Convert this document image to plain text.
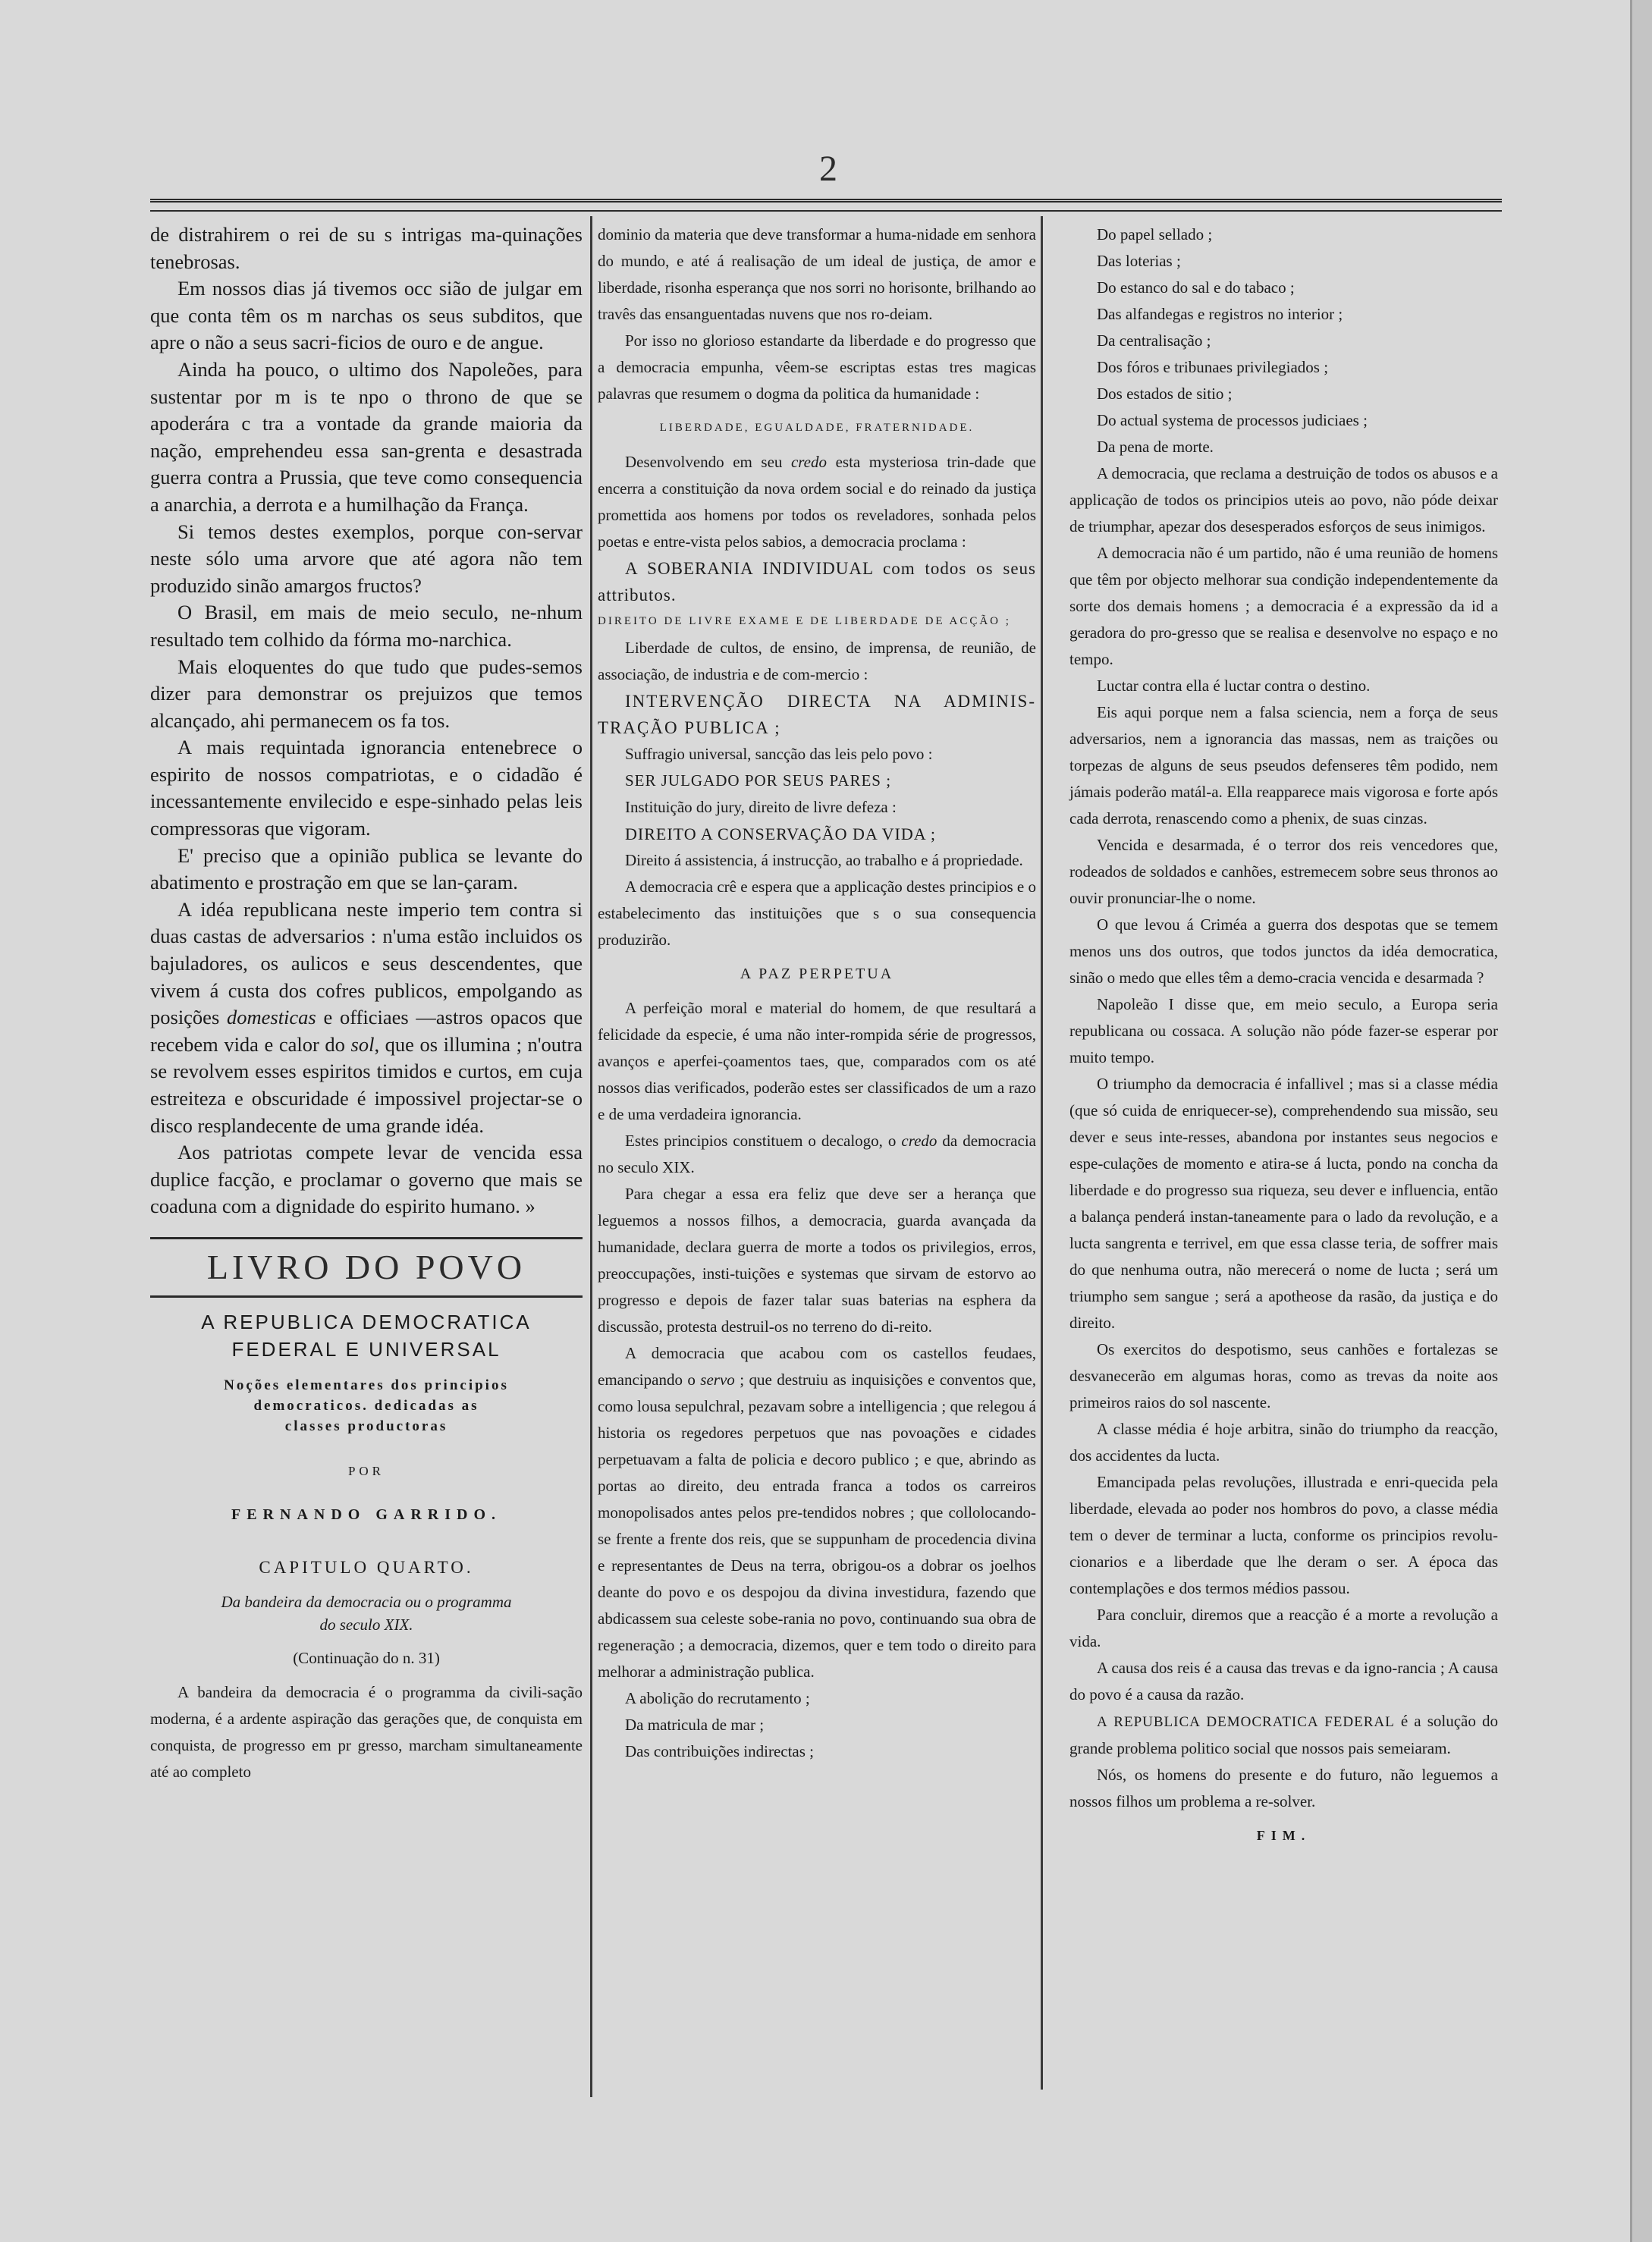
2

de distrahirem o rei de su s intrigas ma-quinações tenebrosas.

Em nossos dias já tivemos occ sião de julgar em que conta têm os m narchas os seus subditos, que apre o não a seus sacri-ficios de ouro e de angue.

Ainda ha pouco, o ultimo dos Napoleões, para sustentar por m is te npo o throno de que se apoderára c tra a vontade da grande maioria da nação, emprehendeu essa san-grenta e desastrada guerra contra a Prussia, que teve como consequencia a anarchia, a derrota e a humilhação da França.

Si temos destes exemplos, porque con-servar neste sólo uma arvore que até agora não tem produzido sinão amargos fructos?

O Brasil, em mais de meio seculo, ne-nhum resultado tem colhido da fórma mo-narchica.

Mais eloquentes do que tudo que pudes-semos dizer para demonstrar os prejuizos que temos alcançado, ahi permanecem os fa tos.

A mais requintada ignorancia entenebrece o espirito de nossos compatriotas, e o cidadão é incessantemente envilecido e espe-sinhado pelas leis compressoras que vigoram.

E' preciso que a opinião publica se levante do abatimento e prostração em que se lan-çaram.

A idéa republicana neste imperio tem contra si duas castas de adversarios : n'uma estão incluidos os bajuladores, os aulicos e seus descendentes, que vivem á custa dos cofres publicos, empolgando as posições domesticas e officiaes —astros opacos que recebem vida e calor do sol, que os illumina ; n'outra se revolvem esses espiritos timidos e curtos, em cuja estreiteza e obscuridade é impossivel projectar-se o disco resplandecente de uma grande idéa.

Aos patriotas compete levar de vencida essa duplice facção, e proclamar o governo que mais se coaduna com a dignidade do espirito humano. »

LIVRO DO POVO
A REPUBLICA DEMOCRATICA
FEDERAL E UNIVERSAL
Noções elementares dos principios
democraticos. dedicadas as
classes productoras
POR
FERNANDO GARRIDO.
CAPITULO QUARTO.
Da bandeira da democracia ou o programma
do seculo XIX.
(Continuação do n. 31)

A bandeira da democracia é o programma da civili-sação moderna, é a ardente aspiração das gerações que, de conquista em conquista, de progresso em pr gresso, marcham simultaneamente até ao completo

dominio da materia que deve transformar a huma-nidade em senhora do mundo, e até á realisação de um ideal de justiça, de amor e liberdade, risonha esperança que nos sorri no horisonte, brilhando ao travês das ensanguentadas nuvens que nos ro-deiam.

Por isso no glorioso estandarte da liberdade e do progresso que a democracia empunha, vêem-se escriptas estas tres magicas palavras que resumem o dogma da politica da humanidade :

LIBERDADE, EGUALDADE, FRATERNIDADE.

Desenvolvendo em seu credo esta mysteriosa trin-dade que encerra a constituição da nova ordem social e do reinado da justiça promettida aos homens por todos os reveladores, sonhada pelos poetas e entre-vista pelos sabios, a democracia proclama :

A SOBERANIA INDIVIDUAL com todos os seus attributos.

DIREITO DE LIVRE EXAME E DE LIBERDADE DE ACÇÃO ;

Liberdade de cultos, de ensino, de imprensa, de reunião, de associação, de industria e de com-mercio :

INTERVENÇÃO DIRECTA NA ADMINIS-TRAÇÃO PUBLICA ;

Suffragio universal, sancção das leis pelo povo :

SER JULGADO POR SEUS PARES ;

Instituição do jury, direito de livre defeza :

DIREITO A CONSERVAÇÃO DA VIDA ;

Direito á assistencia, á instrucção, ao trabalho e á propriedade.

A democracia crê e espera que a applicação destes principios e o estabelecimento das instituições que s o sua consequencia produzirão.

A PAZ PERPETUA

A perfeição moral e material do homem, de que resultará a felicidade da especie, é uma não inter-rompida série de progressos, avanços e aperfei-çoamentos taes, que, comparados com os até nossos dias verificados, poderão estes ser classificados de um a razo e de uma verdadeira ignorancia.

Estes principios constituem o decalogo, o credo da democracia no seculo XIX.

Para chegar a essa era feliz que deve ser a herança que leguemos a nossos filhos, a democracia, guarda avançada da humanidade, declara guerra de morte a todos os privilegios, erros, preoccupações, insti-tuições e systemas que sirvam de estorvo ao progresso e depois de fazer talar suas baterias na esphera da discussão, protesta destruil-os no terreno do di-reito.

A democracia que acabou com os castellos feudaes, emancipando o servo ; que destruiu as inquisições e conventos que, como lousa sepulchral, pezavam sobre a intelligencia ; que relegou á historia os regedores perpetuos que nas povoações e cidades perpetuavam a falta de policia e decoro publico ; e que, abrindo as portas ao direito, deu entrada franca a todos os carreiros monopolisados antes pelos pre-tendidos nobres ; que collolocando-se frente a frente dos reis, que se suppunham de procedencia divina e representantes de Deus na terra, obrigou-os a dobrar os joelhos deante do povo e os despojou da divina investidura, fazendo que abdicassem sua celeste sobe-rania no povo, continuando sua obra de regeneração ; a democracia, dizemos, quer e tem todo o direito para melhorar a administração publica.

A abolição do recrutamento ;

Da matricula de mar ;

Das contribuições indirectas ;

Do papel sellado ;

Das loterias ;

Do estanco do sal e do tabaco ;

Das alfandegas e registros no interior ;

Da centralisação ;

Dos fóros e tribunaes privilegiados ;

Dos estados de sitio ;

Do actual systema de processos judiciaes ;

Da pena de morte.

A democracia, que reclama a destruição de todos os abusos e a applicação de todos os principios uteis ao povo, não póde deixar de triumphar, apezar dos desesperados esforços de seus inimigos.

A democracia não é um partido, não é uma reunião de homens que têm por objecto melhorar sua condição independentemente da sorte dos demais homens ; a democracia é a expressão da id a geradora do pro-gresso que se realisa e desenvolve no espaço e no tempo.

Luctar contra ella é luctar contra o destino.

Eis aqui porque nem a falsa sciencia, nem a força de seus adversarios, nem a ignorancia das massas, nem as traições ou torpezas de alguns de seus pseudos defenseres têm podido, nem jámais poderão matál-a. Ella reapparece mais vigorosa e forte após cada derrota, renascendo como a phenix, de suas cinzas.

Vencida e desarmada, é o terror dos reis vencedores que, rodeados de soldados e canhões, estremecem sobre seus thronos ao ouvir pronunciar-lhe o nome.

O que levou á Criméa a guerra dos despotas que se temem menos uns dos outros, que todos junctos da idéa democratica, sinão o medo que elles têm a demo-cracia vencida e desarmada ?

Napoleão I disse que, em meio seculo, a Europa seria republicana ou cossaca. A solução não póde fazer-se esperar por muito tempo.

O triumpho da democracia é infallivel ; mas si a classe média (que só cuida de enriquecer-se), comprehendendo sua missão, seu dever e seus inte-resses, abandona por instantes seus negocios e espe-culações de momento e atira-se á lucta, pondo na concha da liberdade e do progresso sua riqueza, seu dever e influencia, então a balança penderá instan-taneamente para o lado da revolução, e a lucta sangrenta e terrivel, em que essa classe teria, de soffrer mais do que nenhuma outra, não merecerá o nome de lucta ; será um triumpho sem sangue ; será a apotheose da rasão, da justiça e do direito.

Os exercitos do despotismo, seus canhões e fortalezas se desvanecerão em algumas horas, como as trevas da noite aos primeiros raios do sol nascente.

A classe média é hoje arbitra, sinão do triumpho da reacção, dos accidentes da lucta.

Emancipada pelas revoluções, illustrada e enri-quecida pela liberdade, elevada ao poder nos hombros do povo, a classe média tem o dever de terminar a lucta, conforme os principios revolu-cionarios e a liberdade que lhe deram o ser. A época das contemplações e dos termos médios passou.

Para concluir, diremos que a reacção é a morte a revolução a vida.

A causa dos reis é a causa das trevas e da igno-rancia ; A causa do povo é a causa da razão.

A REPUBLICA DEMOCRATICA FEDERAL é a solução do grande problema politico social que nossos pais semeiaram.

Nós, os homens do presente e do futuro, não leguemos a nossos filhos um problema a re-solver.

FIM.
